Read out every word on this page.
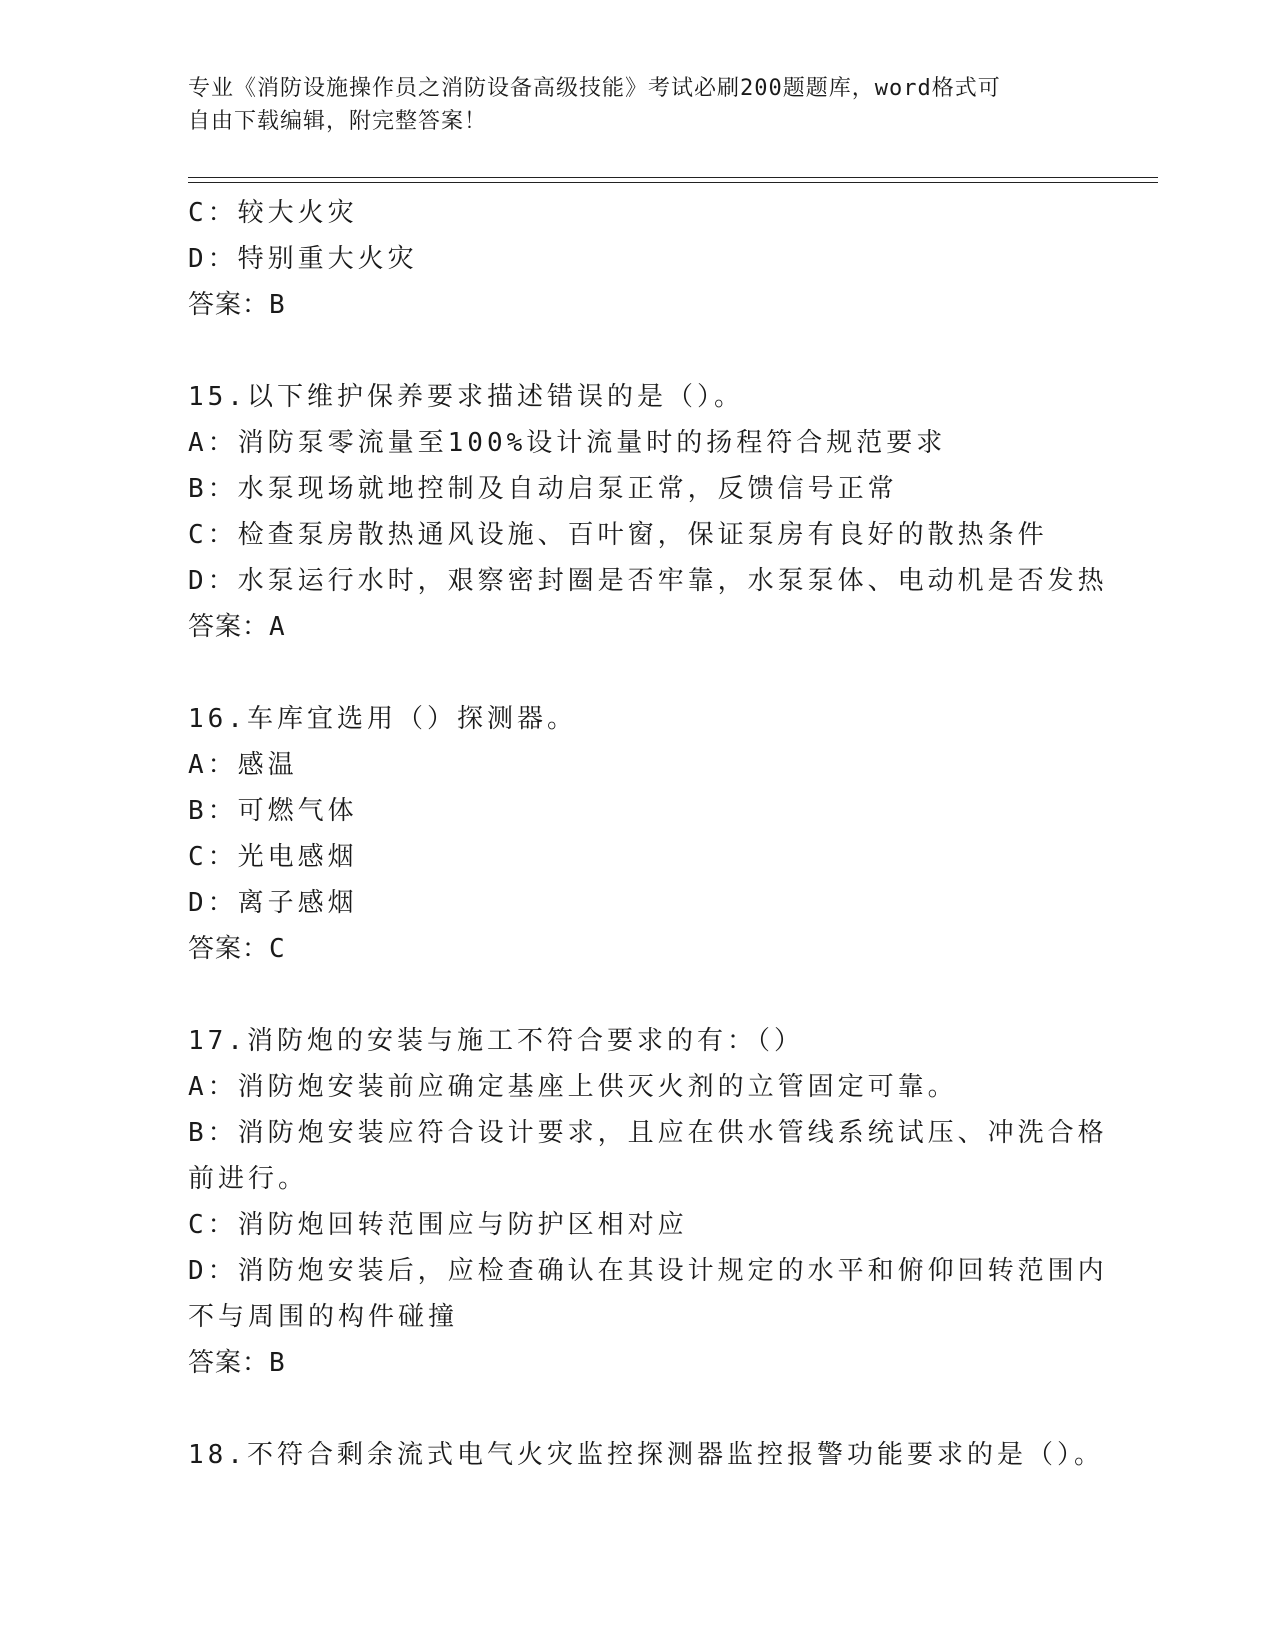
专业《消防设施操作员之消防设备高级技能》考试必刷200题题库，word格式可
自由下载编辑，附完整答案！
C：较大火灾
D：特别重大火灾
答案：B
15.以下维护保养要求描述错误的是（）。
A：消防泵零流量至100%设计流量时的扬程符合规范要求
B：水泵现场就地控制及自动启泵正常，反馈信号正常
C：检查泵房散热通风设施、百叶窗，保证泵房有良好的散热条件
D：水泵运行水时，艰察密封圈是否牢靠，水泵泵体、电动机是否发热
答案：A
16.车库宜选用（）探测器。
A：感温
B：可燃气体
C：光电感烟
D：离子感烟
答案：C
17.消防炮的安装与施工不符合要求的有：（）
A：消防炮安装前应确定基座上供灭火剂的立管固定可靠。
B：消防炮安装应符合设计要求，且应在供水管线系统试压、冲洗合格
前进行。
C：消防炮回转范围应与防护区相对应
D：消防炮安装后，应检查确认在其设计规定的水平和俯仰回转范围内
不与周围的构件碰撞
答案：B
18.不符合剩余流式电气火灾监控探测器监控报警功能要求的是（）。
